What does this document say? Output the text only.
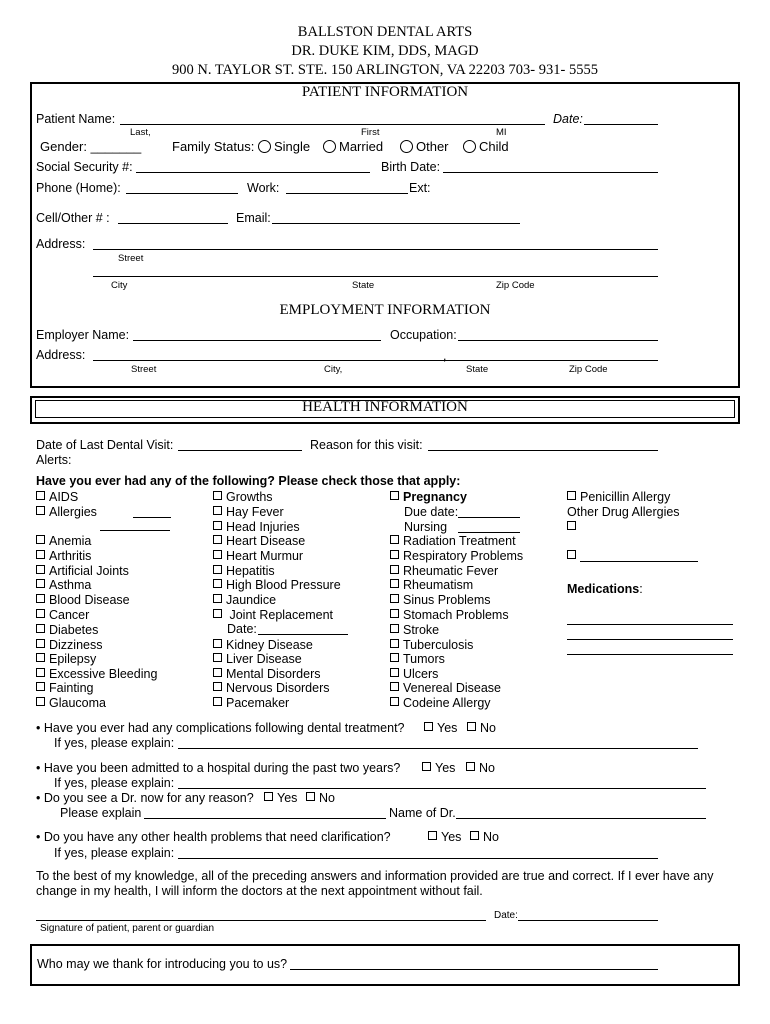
BALLSTON DENTAL ARTS
DR. DUKE KIM, DDS, MAGD
900 N. TAYLOR ST. STE. 150 ARLINGTON, VA 22203 703- 931- 5555
PATIENT INFORMATION
Patient Name:	Date:
Last,	First	MI
Gender: _______ Family Status:	Single	Married	Other	Child
Social Security #:	Birth Date:
Phone (Home):	Work:	Ext:
Cell/Other # :	Email:
Address:
Street
City	State	Zip Code
EMPLOYMENT INFORMATION
Employer Name:	Occupation:
Address:	,
Street	City,	State	Zip Code
HEALTH INFORMATION
Date of Last Dental Visit:	Reason for this visit:
Alerts:
Have you ever had any of the following? Please check those that apply:
AIDS
Allergies
Anemia
Arthritis
Artificial Joints
Asthma
Blood Disease
Cancer
Diabetes
Dizziness
Epilepsy
Excessive Bleeding
Fainting
Glaucoma
Growths
Hay Fever
Head Injuries
Heart Disease
Heart Murmur
Hepatitis
High Blood Pressure
Jaundice
Joint Replacement
Kidney Disease
Liver Disease
Mental Disorders
Nervous Disorders
Pacemaker
Radiation Treatment
Respiratory Problems
Rheumatic Fever
Rheumatism
Sinus Problems
Stomach Problems
Stroke
Tuberculosis
Tumors
Ulcers
Venereal Disease
Codeine Allergy
Date:
Pregnancy
Due date:
Nursing
Penicillin Allergy
Other Drug Allergies
Medications:
• Have you ever had any complications following dental treatment?	Yes	No
If yes, please explain:
• Have you been admitted to a hospital during the past two years?	Yes	No
If yes, please explain:
• Do you see a Dr. now for any reason?	Yes	No
Please explain	Name of Dr.
• Do you have any other health problems that need clarification?	Yes	No
If yes, please explain:
To the best of my knowledge, all of the preceding answers and information provided are true and correct. If I ever have any
change in my health, I will inform the doctors at the next appointment without fail.
Date:
Signature of patient, parent or guardian
Who may we thank for introducing you to us?
